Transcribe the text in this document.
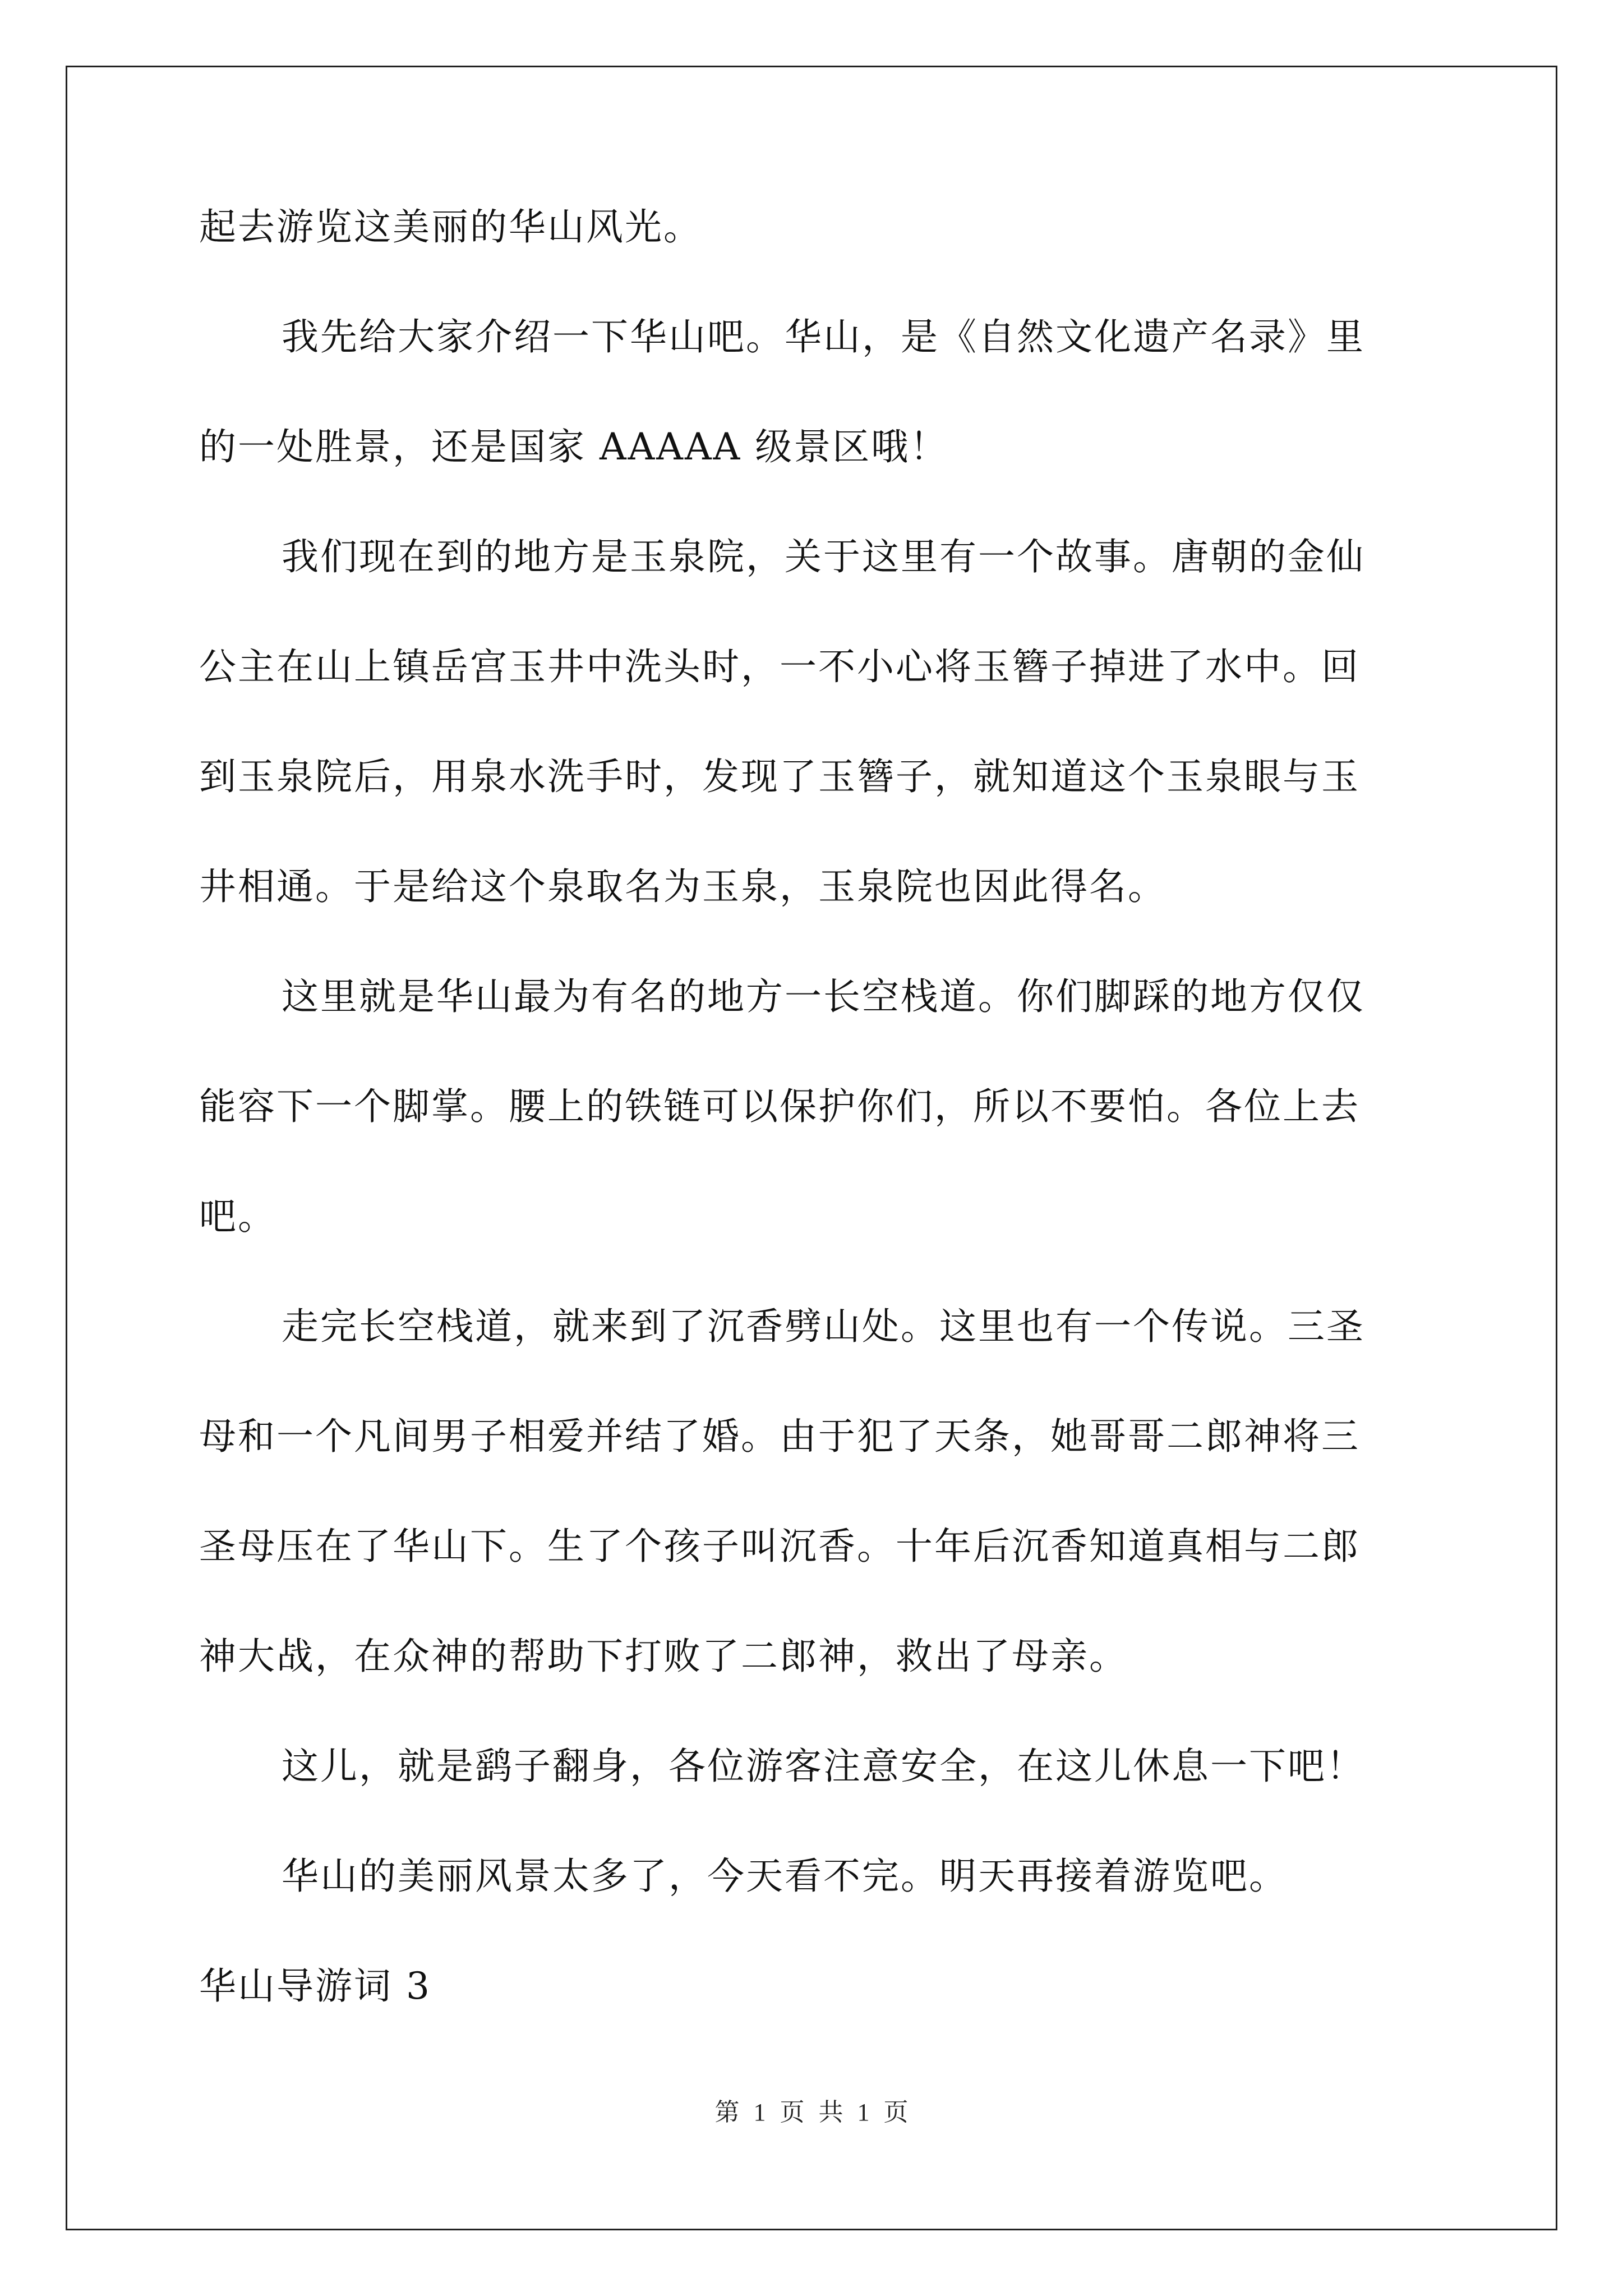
起去游览这美丽的华山风光。
我先给大家介绍一下华山吧。华山，是《自然文化遗产名录》里
的一处胜景，还是国家 AAAAA 级景区哦！
我们现在到的地方是玉泉院，关于这里有一个故事。唐朝的金仙
公主在山上镇岳宫玉井中洗头时，一不小心将玉簪子掉进了水中。回
到玉泉院后，用泉水洗手时，发现了玉簪子，就知道这个玉泉眼与玉
井相通。于是给这个泉取名为玉泉，玉泉院也因此得名。
这里就是华山最为有名的地方一长空栈道。你们脚踩的地方仅仅
能容下一个脚掌。腰上的铁链可以保护你们，所以不要怕。各位上去
吧。
走完长空栈道，就来到了沉香劈山处。这里也有一个传说。三圣
母和一个凡间男子相爱并结了婚。由于犯了天条，她哥哥二郎神将三
圣母压在了华山下。生了个孩子叫沉香。十年后沉香知道真相与二郎
神大战，在众神的帮助下打败了二郎神，救出了母亲。
这儿，就是鹞子翻身，各位游客注意安全，在这儿休息一下吧！
华山的美丽风景太多了，今天看不完。明天再接着游览吧。
华山导游词 3
第 1 页 共 1 页
